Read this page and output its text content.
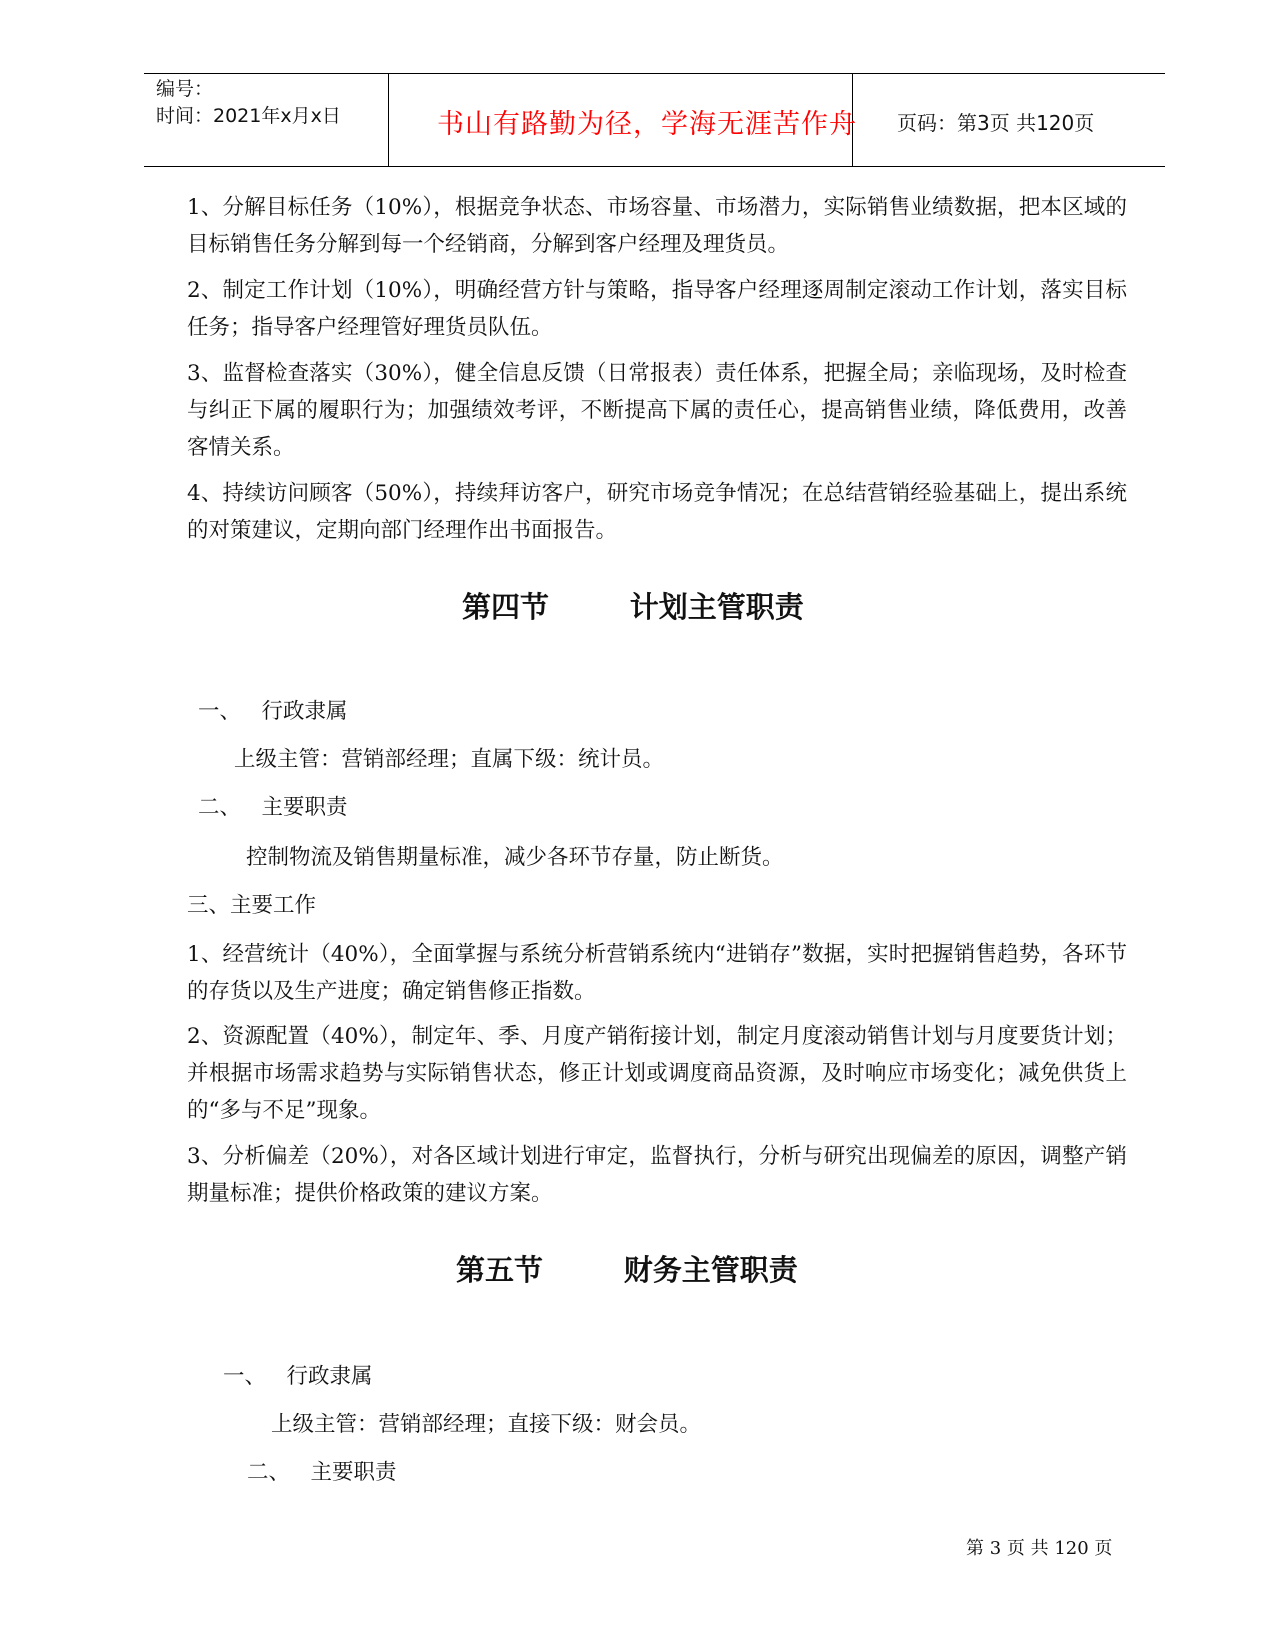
编号：
时间：2021年x月x日	书山有路勤为径，学海无涯苦作舟	页码：第3页 共120页
1、分解目标任务（10%），根据竞争状态、市场容量、市场潜力，实际销售业绩数据，把本区域的目标销售任务分解到每一个经销商，分解到客户经理及理货员。
2、制定工作计划（10%），明确经营方针与策略，指导客户经理逐周制定滚动工作计划，落实目标任务；指导客户经理管好理货员队伍。
3、监督检查落实（30%），健全信息反馈（日常报表）责任体系，把握全局；亲临现场，及时检查与纠正下属的履职行为；加强绩效考评，不断提高下属的责任心，提高销售业绩，降低费用，改善客情关系。
4、持续访问顾客（50%），持续拜访客户，研究市场竞争情况；在总结营销经验基础上，提出系统的对策建议，定期向部门经理作出书面报告。
第四节        计划主管职责
一、   行政隶属
上级主管：营销部经理；直属下级：统计员。
二、   主要职责
控制物流及销售期量标准，减少各环节存量，防止断货。
三、主要工作
1、经营统计（40%），全面掌握与系统分析营销系统内“进销存”数据，实时把握销售趋势，各环节的存货以及生产进度；确定销售修正指数。
2、资源配置（40%），制定年、季、月度产销衔接计划，制定月度滚动销售计划与月度要货计划；并根据市场需求趋势与实际销售状态，修正计划或调度商品资源，及时响应市场变化；减免供货上的“多与不足”现象。
3、分析偏差（20%），对各区域计划进行审定，监督执行，分析与研究出现偏差的原因，调整产销期量标准；提供价格政策的建议方案。
第五节        财务主管职责
一、   行政隶属
上级主管：营销部经理；直接下级：财会员。
二、   主要职责
第 3 页 共 120 页
